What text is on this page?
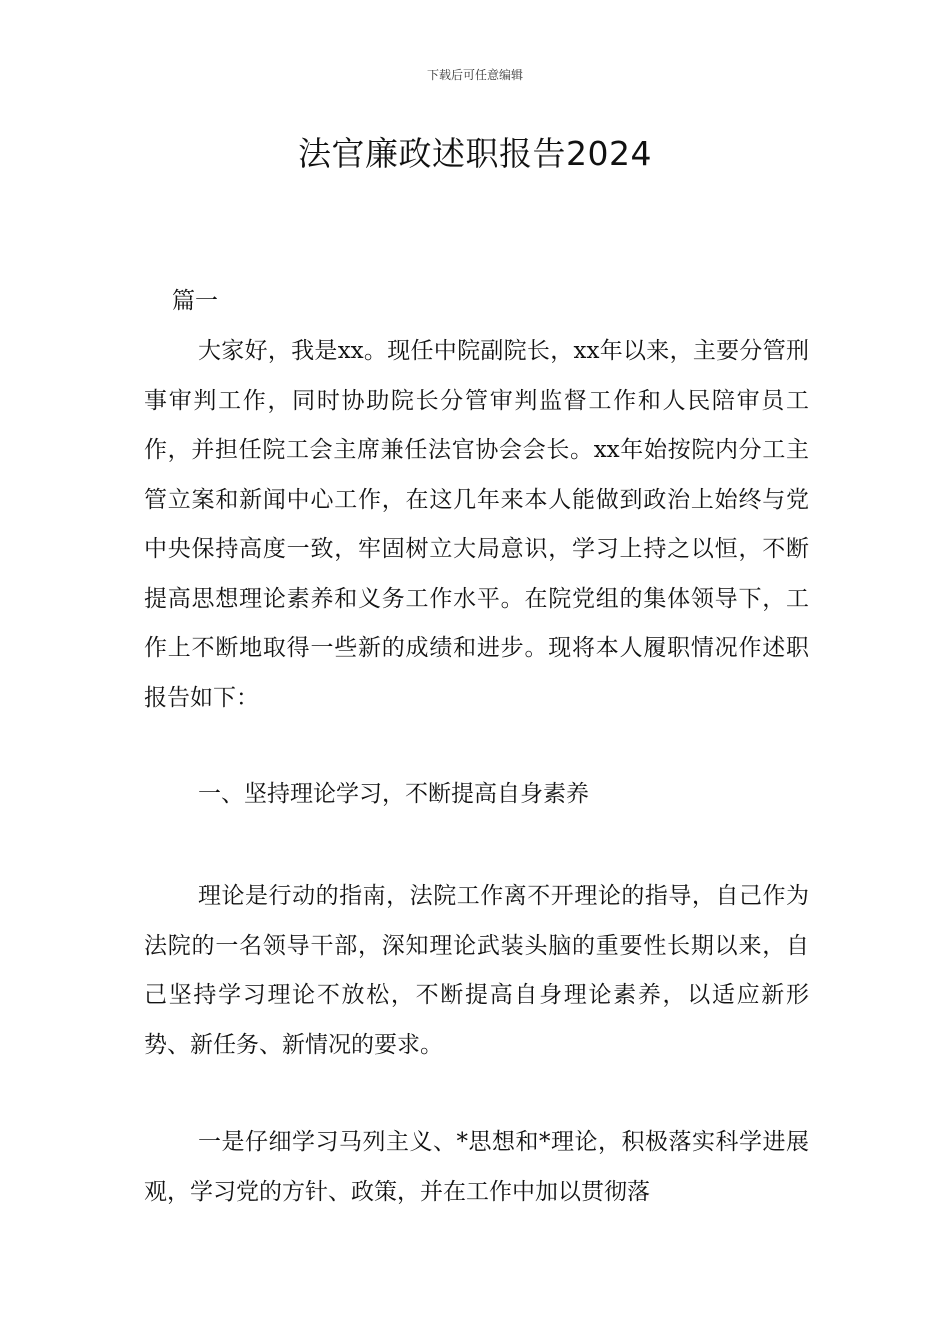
下载后可任意编辑
法官廉政述职报告2024

篇一

大家好，我是xx。现任中院副院长，xx年以来，主要分管刑事审判工作，同时协助院长分管审判监督工作和人民陪审员工作，并担任院工会主席兼任法官协会会长。xx年始按院内分工主管立案和新闻中心工作，在这几年来本人能做到政治上始终与党中央保持高度一致，牢固树立大局意识，学习上持之以恒，不断提高思想理论素养和义务工作水平。在院党组的集体领导下，工作上不断地取得一些新的成绩和进步。现将本人履职情况作述职报告如下：

一、坚持理论学习，不断提高自身素养

理论是行动的指南，法院工作离不开理论的指导，自己作为法院的一名领导干部，深知理论武装头脑的重要性长期以来，自己坚持学习理论不放松，不断提高自身理论素养，以适应新形势、新任务、新情况的要求。

一是仔细学习马列主义、*思想和*理论，积极落实科学进展观，学习党的方针、政策，并在工作中加以贯彻落
